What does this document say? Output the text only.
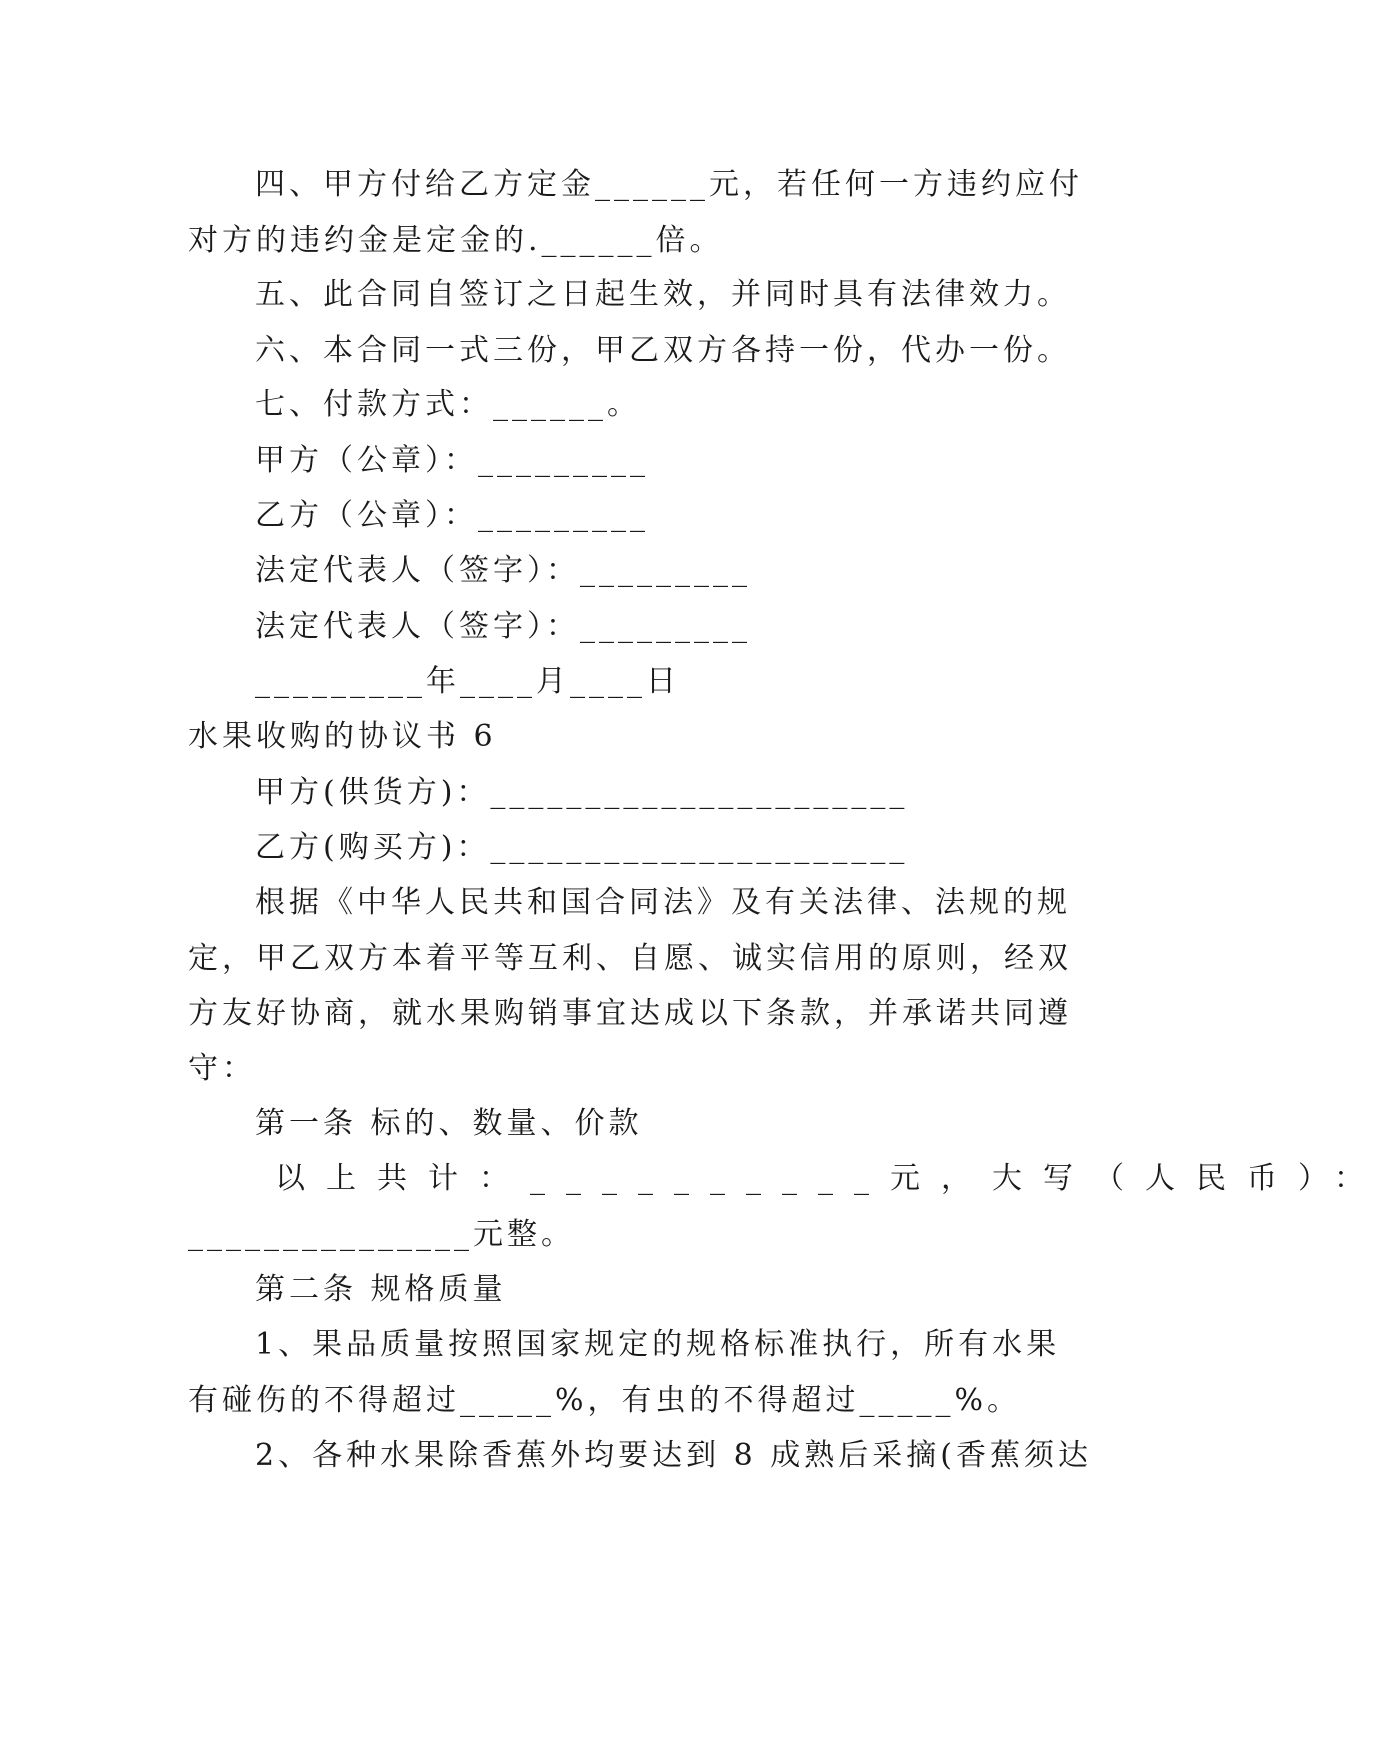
四、甲方付给乙方定金______元，若任何一方违约应付
对方的违约金是定金的.______倍。
五、此合同自签订之日起生效，并同时具有法律效力。
六、本合同一式三份，甲乙双方各持一份，代办一份。
七、付款方式：______。
甲方（公章）：_________
乙方（公章）：_________
法定代表人（签字）：_________
法定代表人（签字）：_________
_________年____月____日
水果收购的协议书 6
甲方(供货方)：______________________
乙方(购买方)：______________________
根据《中华人民共和国合同法》及有关法律、法规的规
定，甲乙双方本着平等互利、自愿、诚实信用的原则，经双
方友好协商，就水果购销事宜达成以下条款，并承诺共同遵
守：
第一条 标的、数量、价款
以上共计：__________元，大写（人民币）：
_______________元整。
第二条 规格质量
1、果品质量按照国家规定的规格标准执行，所有水果
有碰伤的不得超过_____%，有虫的不得超过_____%。
2、各种水果除香蕉外均要达到 8 成熟后采摘(香蕉须达
